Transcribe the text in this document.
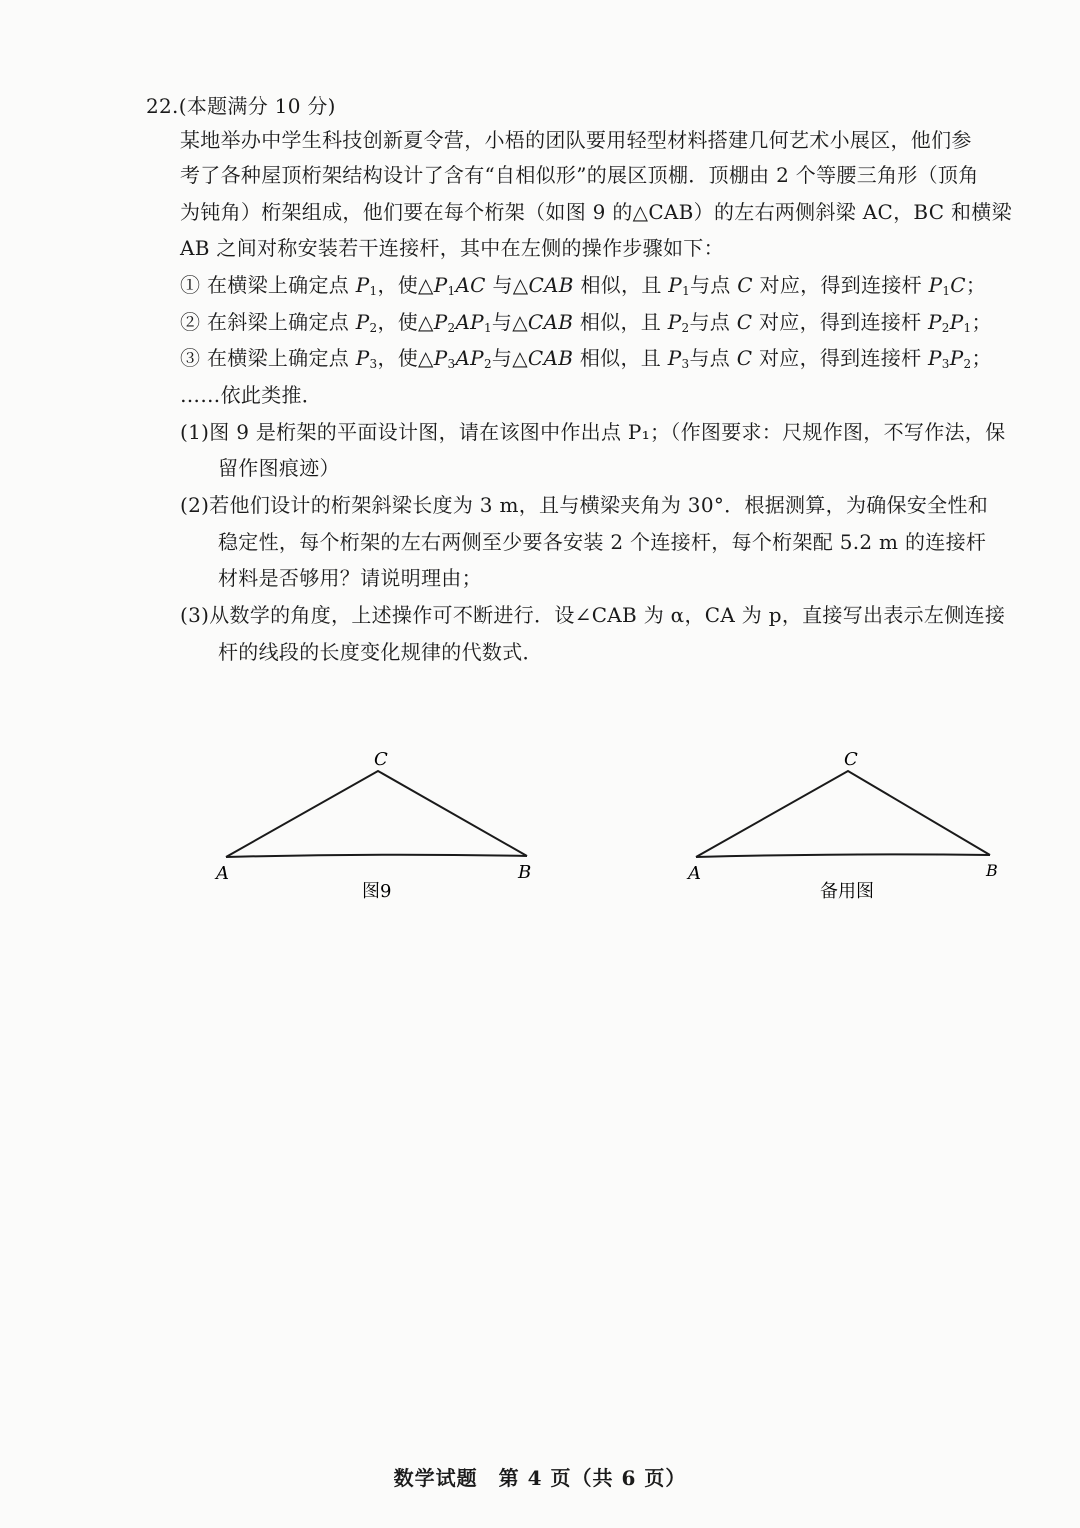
22.(本题满分 10 分)
某地举办中学生科技创新夏令营，小梧的团队要用轻型材料搭建几何艺术小展区，他们参
考了各种屋顶桁架结构设计了含有“自相似形”的展区顶棚．顶棚由 2 个等腰三角形（顶角
为钝角）桁架组成，他们要在每个桁架（如图 9 的△CAB）的左右两侧斜梁 AC，BC 和横梁
AB 之间对称安装若干连接杆，其中在左侧的操作步骤如下：
① 在横梁上确定点 $P_1$，使$\triangle P_1AC$ 与△CAB 相似，且 $P_1$与点 C 对应，得到连接杆 $P_1C$；
② 在斜梁上确定点 $P_2$，使$\triangle P_2AP_1$与△CAB 相似，且 $P_2$与点 C 对应，得到连接杆 $P_2P_1$；
③ 在横梁上确定点 $P_3$，使$\triangle P_3AP_2$与△CAB 相似，且 $P_3$与点 C 对应，得到连接杆 $P_3P_2$；
……依此类推．
(1)图 9 是桁架的平面设计图，请在该图中作出点 P₁；（作图要求：尺规作图，不写作法，保
留作图痕迹）
(2)若他们设计的桁架斜梁长度为 3 m，且与横梁夹角为 30°．根据测算，为确保安全性和
稳定性，每个桁架的左右两侧至少要各安装 2 个连接杆，每个桁架配 5.2 m 的连接杆
材料是否够用？请说明理由；
(3)从数学的角度，上述操作可不断进行．设∠CAB 为 α，CA 为 p，直接写出表示左侧连接
杆的线段的长度变化规律的代数式．
C
A	B
图9
C
A	B
备用图
数学试题　第 4 页（共 6 页）
